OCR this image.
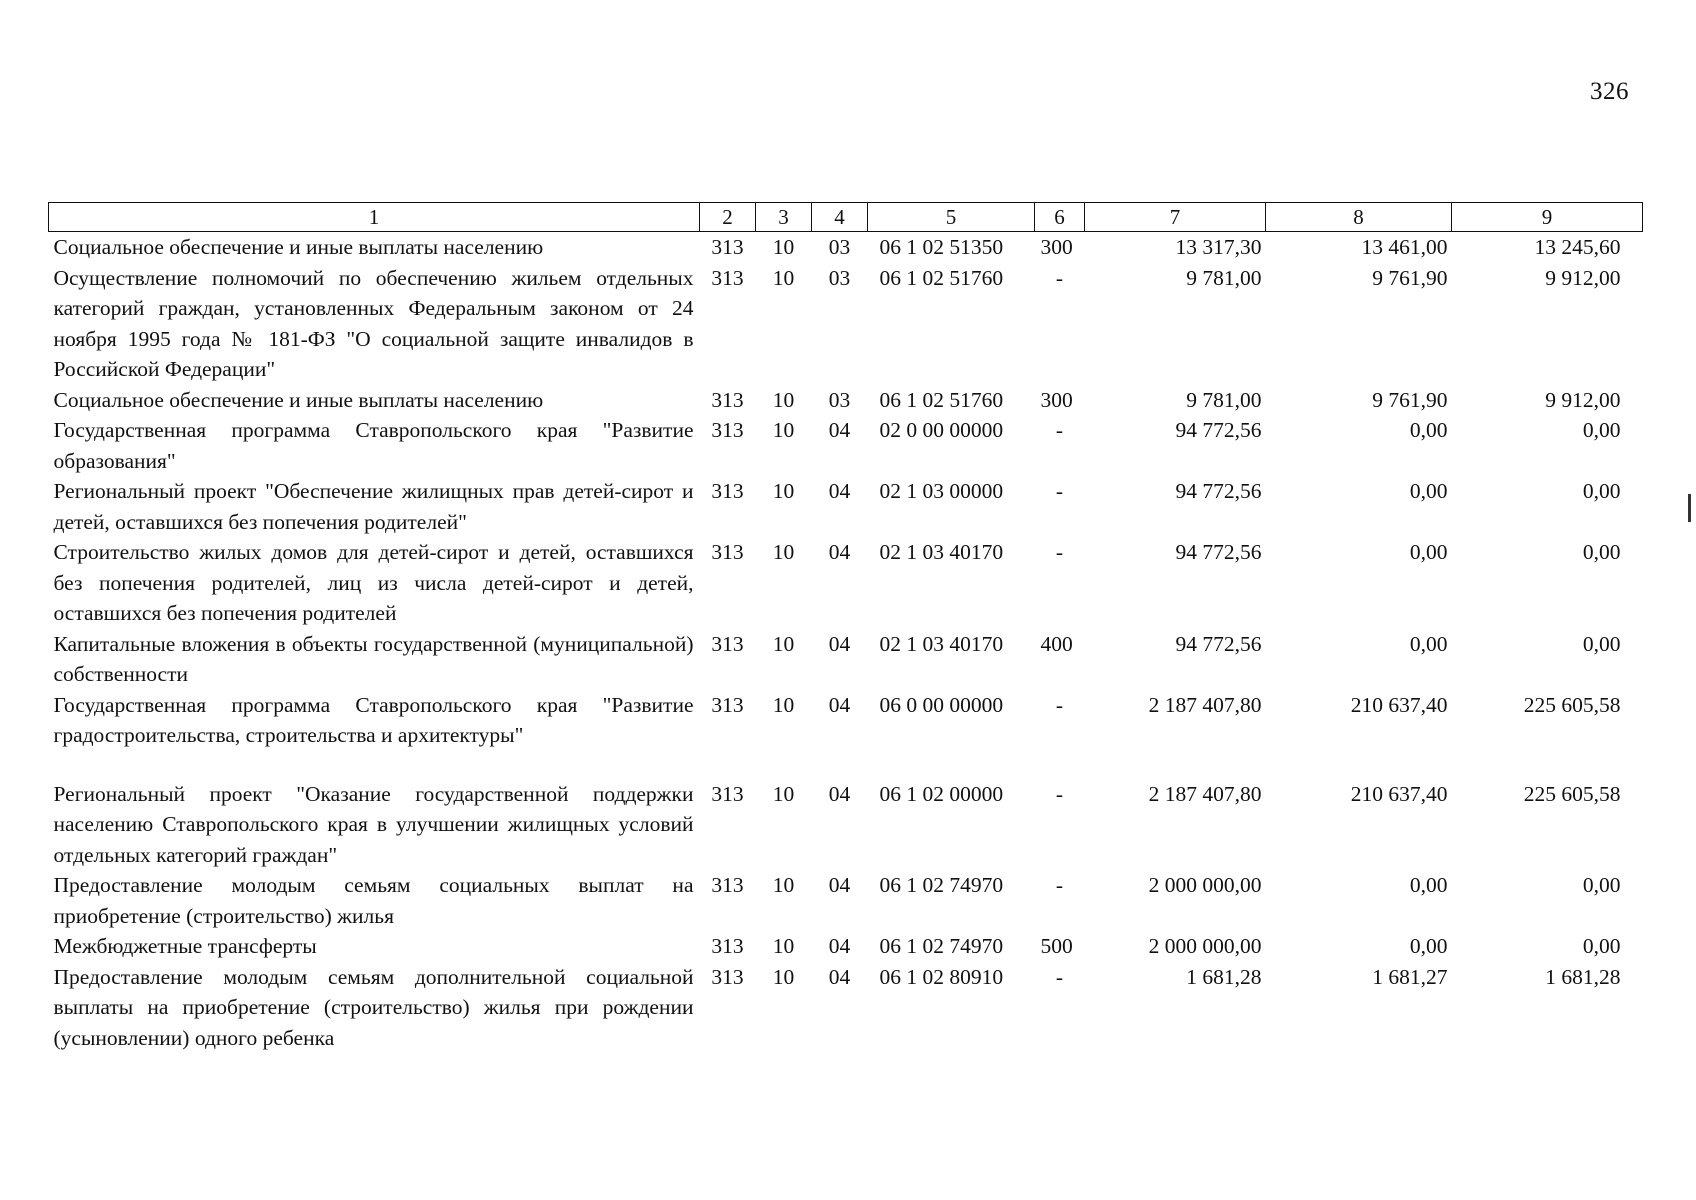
326
1	2	3	4	5	6	7	8	9
Социальное обеспечение и иные выплаты населению	313	10	03	06 1 02 51350	300	13 317,30	13 461,00	13 245,60
Осуществление полномочий по обеспечению жильем отдельных категорий граждан, установленных Федеральным законом от 24 ноября 1995 года № 181-ФЗ "О социальной защите инвалидов в Российской Федерации"	313	10	03	06 1 02 51760	-	9 781,00	9 761,90	9 912,00
Социальное обеспечение и иные выплаты населению	313	10	03	06 1 02 51760	300	9 781,00	9 761,90	9 912,00
Государственная программа Ставропольского края "Развитие образования"	313	10	04	02 0 00 00000	-	94 772,56	0,00	0,00
Региональный проект "Обеспечение жилищных прав детей-сирот и детей, оставшихся без попечения родителей"	313	10	04	02 1 03 00000	-	94 772,56	0,00	0,00
Строительство жилых домов для детей-сирот и детей, оставшихся без попечения родителей, лиц из числа детей-сирот и детей, оставшихся без попечения родителей	313	10	04	02 1 03 40170	-	94 772,56	0,00	0,00
Капитальные вложения в объекты государственной (муниципальной) собственности	313	10	04	02 1 03 40170	400	94 772,56	0,00	0,00
Государственная программа Ставропольского края "Развитие градостроительства, строительства и архитектуры"	313	10	04	06 0 00 00000	-	2 187 407,80	210 637,40	225 605,58

Региональный проект "Оказание государственной поддержки населению Ставропольского края в улучшении жилищных условий отдельных категорий граждан"	313	10	04	06 1 02 00000	-	2 187 407,80	210 637,40	225 605,58
Предоставление молодым семьям социальных выплат на приобретение (строительство) жилья	313	10	04	06 1 02 74970	-	2 000 000,00	0,00	0,00
Межбюджетные трансферты	313	10	04	06 1 02 74970	500	2 000 000,00	0,00	0,00
Предоставление молодым семьям дополнительной социальной выплаты на приобретение (строительство) жилья при рождении (усыновлении) одного ребенка	313	10	04	06 1 02 80910	-	1 681,28	1 681,27	1 681,28
